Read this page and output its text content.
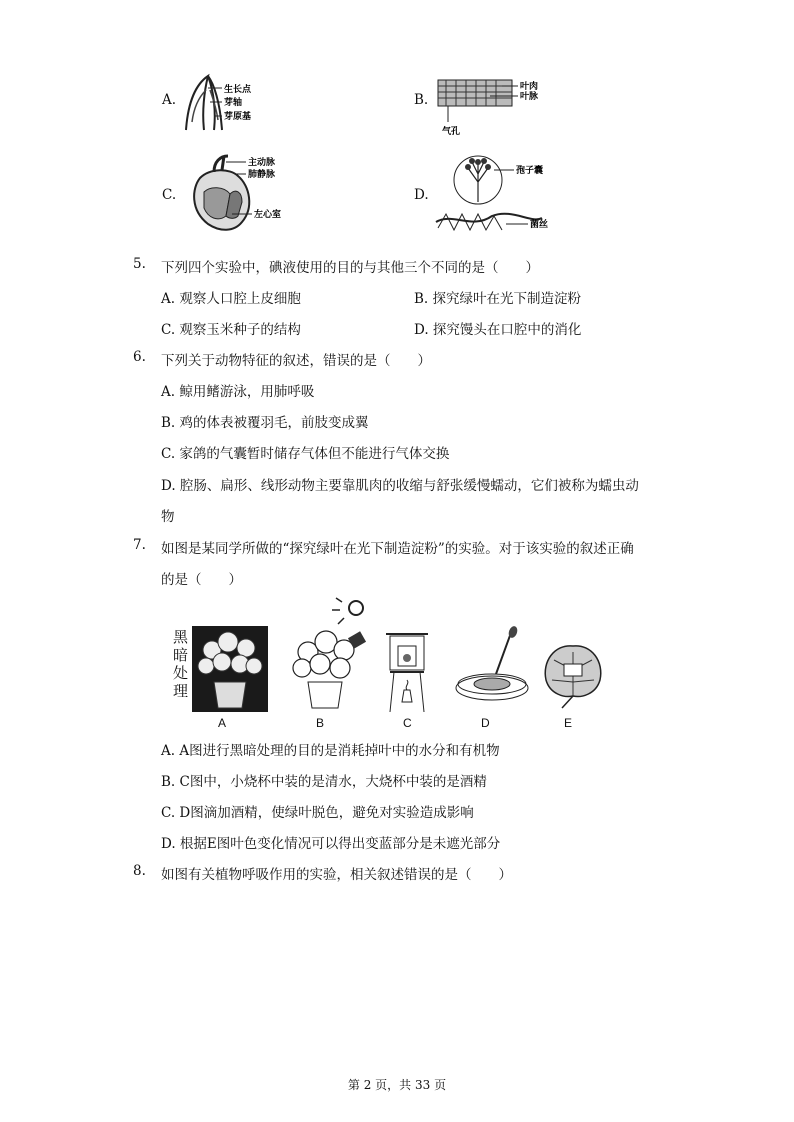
A.
生长点
芽轴
芽原基
B.
叶肉
叶脉
气孔
C.
主动脉
肺静脉
左心室
D.
孢子囊
菌丝
5. 下列四个实验中，碘液使用的目的与其他三个不同的是（　　）
A. 观察人口腔上皮细胞	B. 探究绿叶在光下制造淀粉
C. 观察玉米种子的结构	D. 探究馒头在口腔中的消化
6. 下列关于动物特征的叙述，错误的是（　　）
A. 鲸用鳍游泳，用肺呼吸
B. 鸡的体表被覆羽毛，前肢变成翼
C. 家鸽的气囊暂时储存气体但不能进行气体交换
D. 腔肠、扁形、线形动物主要靠肌肉的收缩与舒张缓慢蠕动，它们被称为蠕虫动
物
7. 如图是某同学所做的“探究绿叶在光下制造淀粉”的实验。对于该实验的叙述正确
的是（　　）
黑
暗
处
理
A	B	C	D	E
A. A图进行黑暗处理的目的是消耗掉叶中的水分和有机物
B. C图中，小烧杯中装的是清水，大烧杯中装的是酒精
C. D图滴加酒精，使绿叶脱色，避免对实验造成影响
D. 根据E图叶色变化情况可以得出变蓝部分是未遮光部分
8. 如图有关植物呼吸作用的实验，相关叙述错误的是（　　）
第 2 页，共 33 页
